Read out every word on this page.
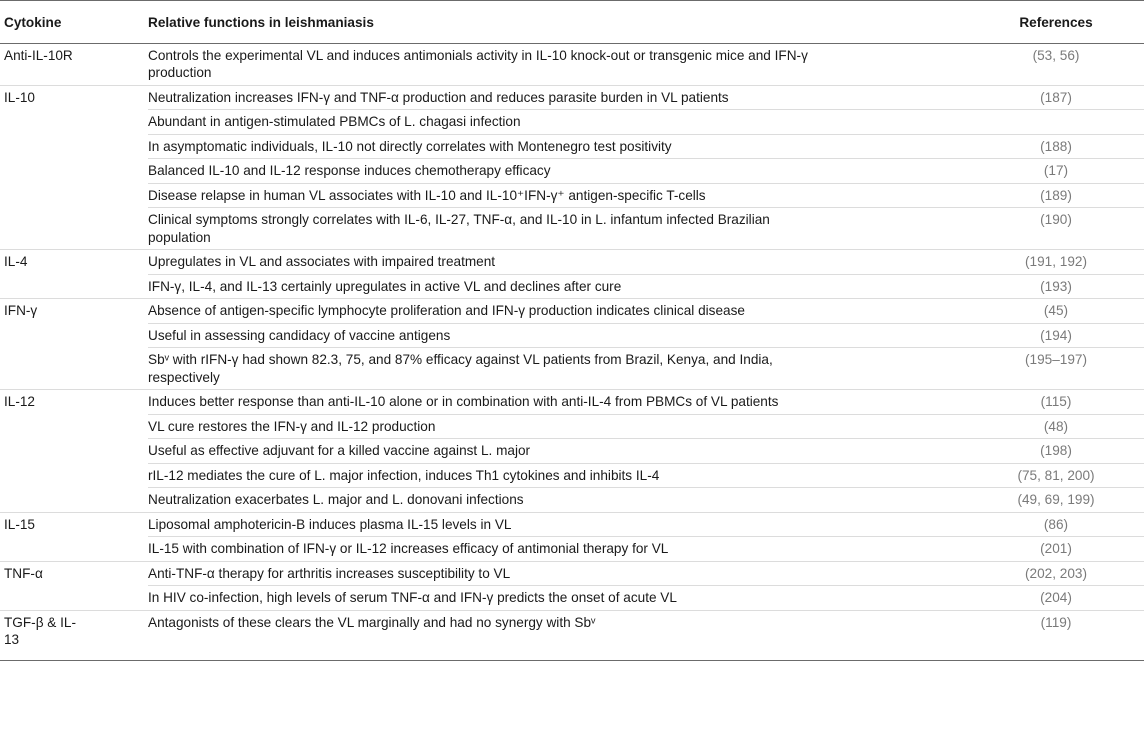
Cytokine	Relative functions in leishmaniasis	References
Anti-IL-10R	Controls the experimental VL and induces antimonials activity in IL-10 knock-out or transgenic mice and IFN-γ production	(53, 56)
IL-10	Neutralization increases IFN-γ and TNF-α production and reduces parasite burden in VL patients	(187)
	Abundant in antigen-stimulated PBMCs of L. chagasi infection	
	In asymptomatic individuals, IL-10 not directly correlates with Montenegro test positivity	(188)
	Balanced IL-10 and IL-12 response induces chemotherapy efficacy	(17)
	Disease relapse in human VL associates with IL-10 and IL-10⁺IFN-γ⁺ antigen-specific T-cells	(189)
	Clinical symptoms strongly correlates with IL-6, IL-27, TNF-α, and IL-10 in L. infantum infected Brazilian population	(190)
IL-4	Upregulates in VL and associates with impaired treatment	(191, 192)
	IFN-γ, IL-4, and IL-13 certainly upregulates in active VL and declines after cure	(193)
IFN-γ	Absence of antigen-specific lymphocyte proliferation and IFN-γ production indicates clinical disease	(45)
	Useful in assessing candidacy of vaccine antigens	(194)
	Sbᵛ with rIFN-γ had shown 82.3, 75, and 87% efficacy against VL patients from Brazil, Kenya, and India, respectively	(195–197)
IL-12	Induces better response than anti-IL-10 alone or in combination with anti-IL-4 from PBMCs of VL patients	(115)
	VL cure restores the IFN-γ and IL-12 production	(48)
	Useful as effective adjuvant for a killed vaccine against L. major	(198)
	rIL-12 mediates the cure of L. major infection, induces Th1 cytokines and inhibits IL-4	(75, 81, 200)
	Neutralization exacerbates L. major and L. donovani infections	(49, 69, 199)
IL-15	Liposomal amphotericin-B induces plasma IL-15 levels in VL	(86)
	IL-15 with combination of IFN-γ or IL-12 increases efficacy of antimonial therapy for VL	(201)
TNF-α	Anti-TNF-α therapy for arthritis increases susceptibility to VL	(202, 203)
	In HIV co-infection, high levels of serum TNF-α and IFN-γ predicts the onset of acute VL	(204)
TGF-β & IL-13	Antagonists of these clears the VL marginally and had no synergy with Sbᵛ	(119)
